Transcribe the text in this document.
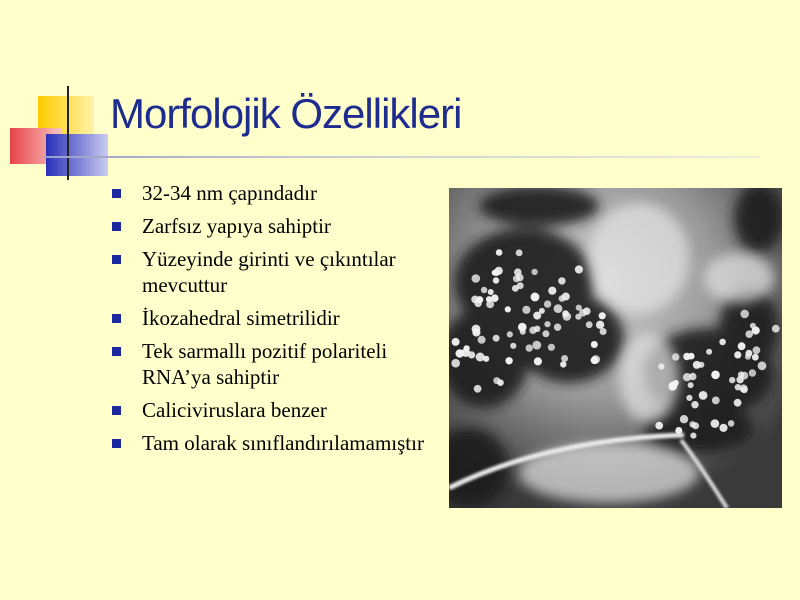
Morfolojik Özellikleri
32-34 nm çapındadır
Zarfsız yapıya sahiptir
Yüzeyinde girinti ve çıkıntılar mevcuttur
İkozahedral simetrilidir
Tek sarmallı pozitif polariteli RNA’ya sahiptir
Caliciviruslara benzer
Tam olarak sınıflandırılamamıştır
